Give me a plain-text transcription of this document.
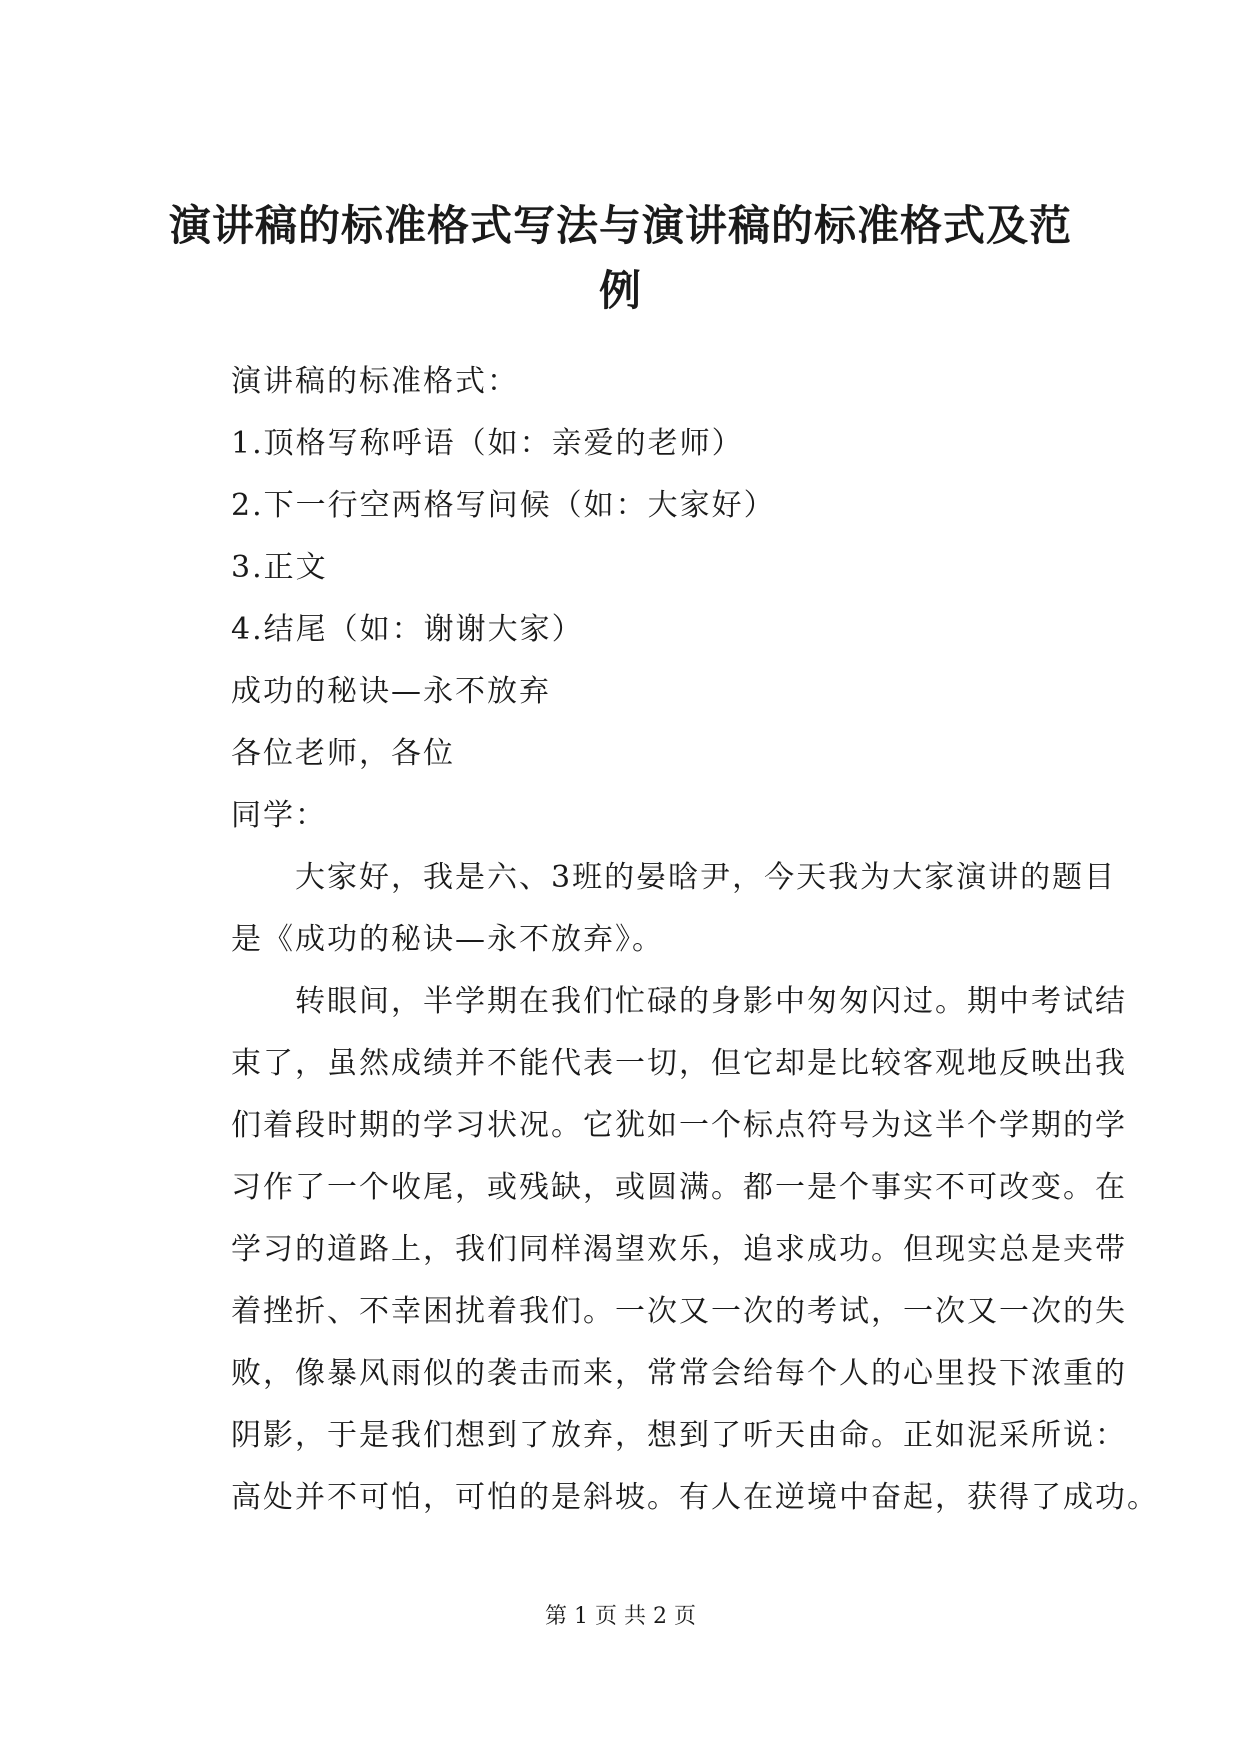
演讲稿的标准格式写法与演讲稿的标准格式及范例
演讲稿的标准格式：
1.顶格写称呼语（如：亲爱的老师）
2.下一行空两格写问候（如：大家好）
3.正文
4.结尾（如：谢谢大家）
成功的秘诀—永不放弃
各位老师，各位
同学：
大家好，我是六、3班的晏晗尹，今天我为大家演讲的题目
是《成功的秘诀—永不放弃》。
转眼间，半学期在我们忙碌的身影中匆匆闪过。期中考试结
束了，虽然成绩并不能代表一切，但它却是比较客观地反映出我
们着段时期的学习状况。它犹如一个标点符号为这半个学期的学
习作了一个收尾，或残缺，或圆满。都一是个事实不可改变。在
学习的道路上，我们同样渴望欢乐，追求成功。但现实总是夹带
着挫折、不幸困扰着我们。一次又一次的考试，一次又一次的失
败，像暴风雨似的袭击而来，常常会给每个人的心里投下浓重的
阴影，于是我们想到了放弃，想到了听天由命。正如泥采所说：
高处并不可怕，可怕的是斜坡。有人在逆境中奋起，获得了成功。
第 1 页 共 2 页
